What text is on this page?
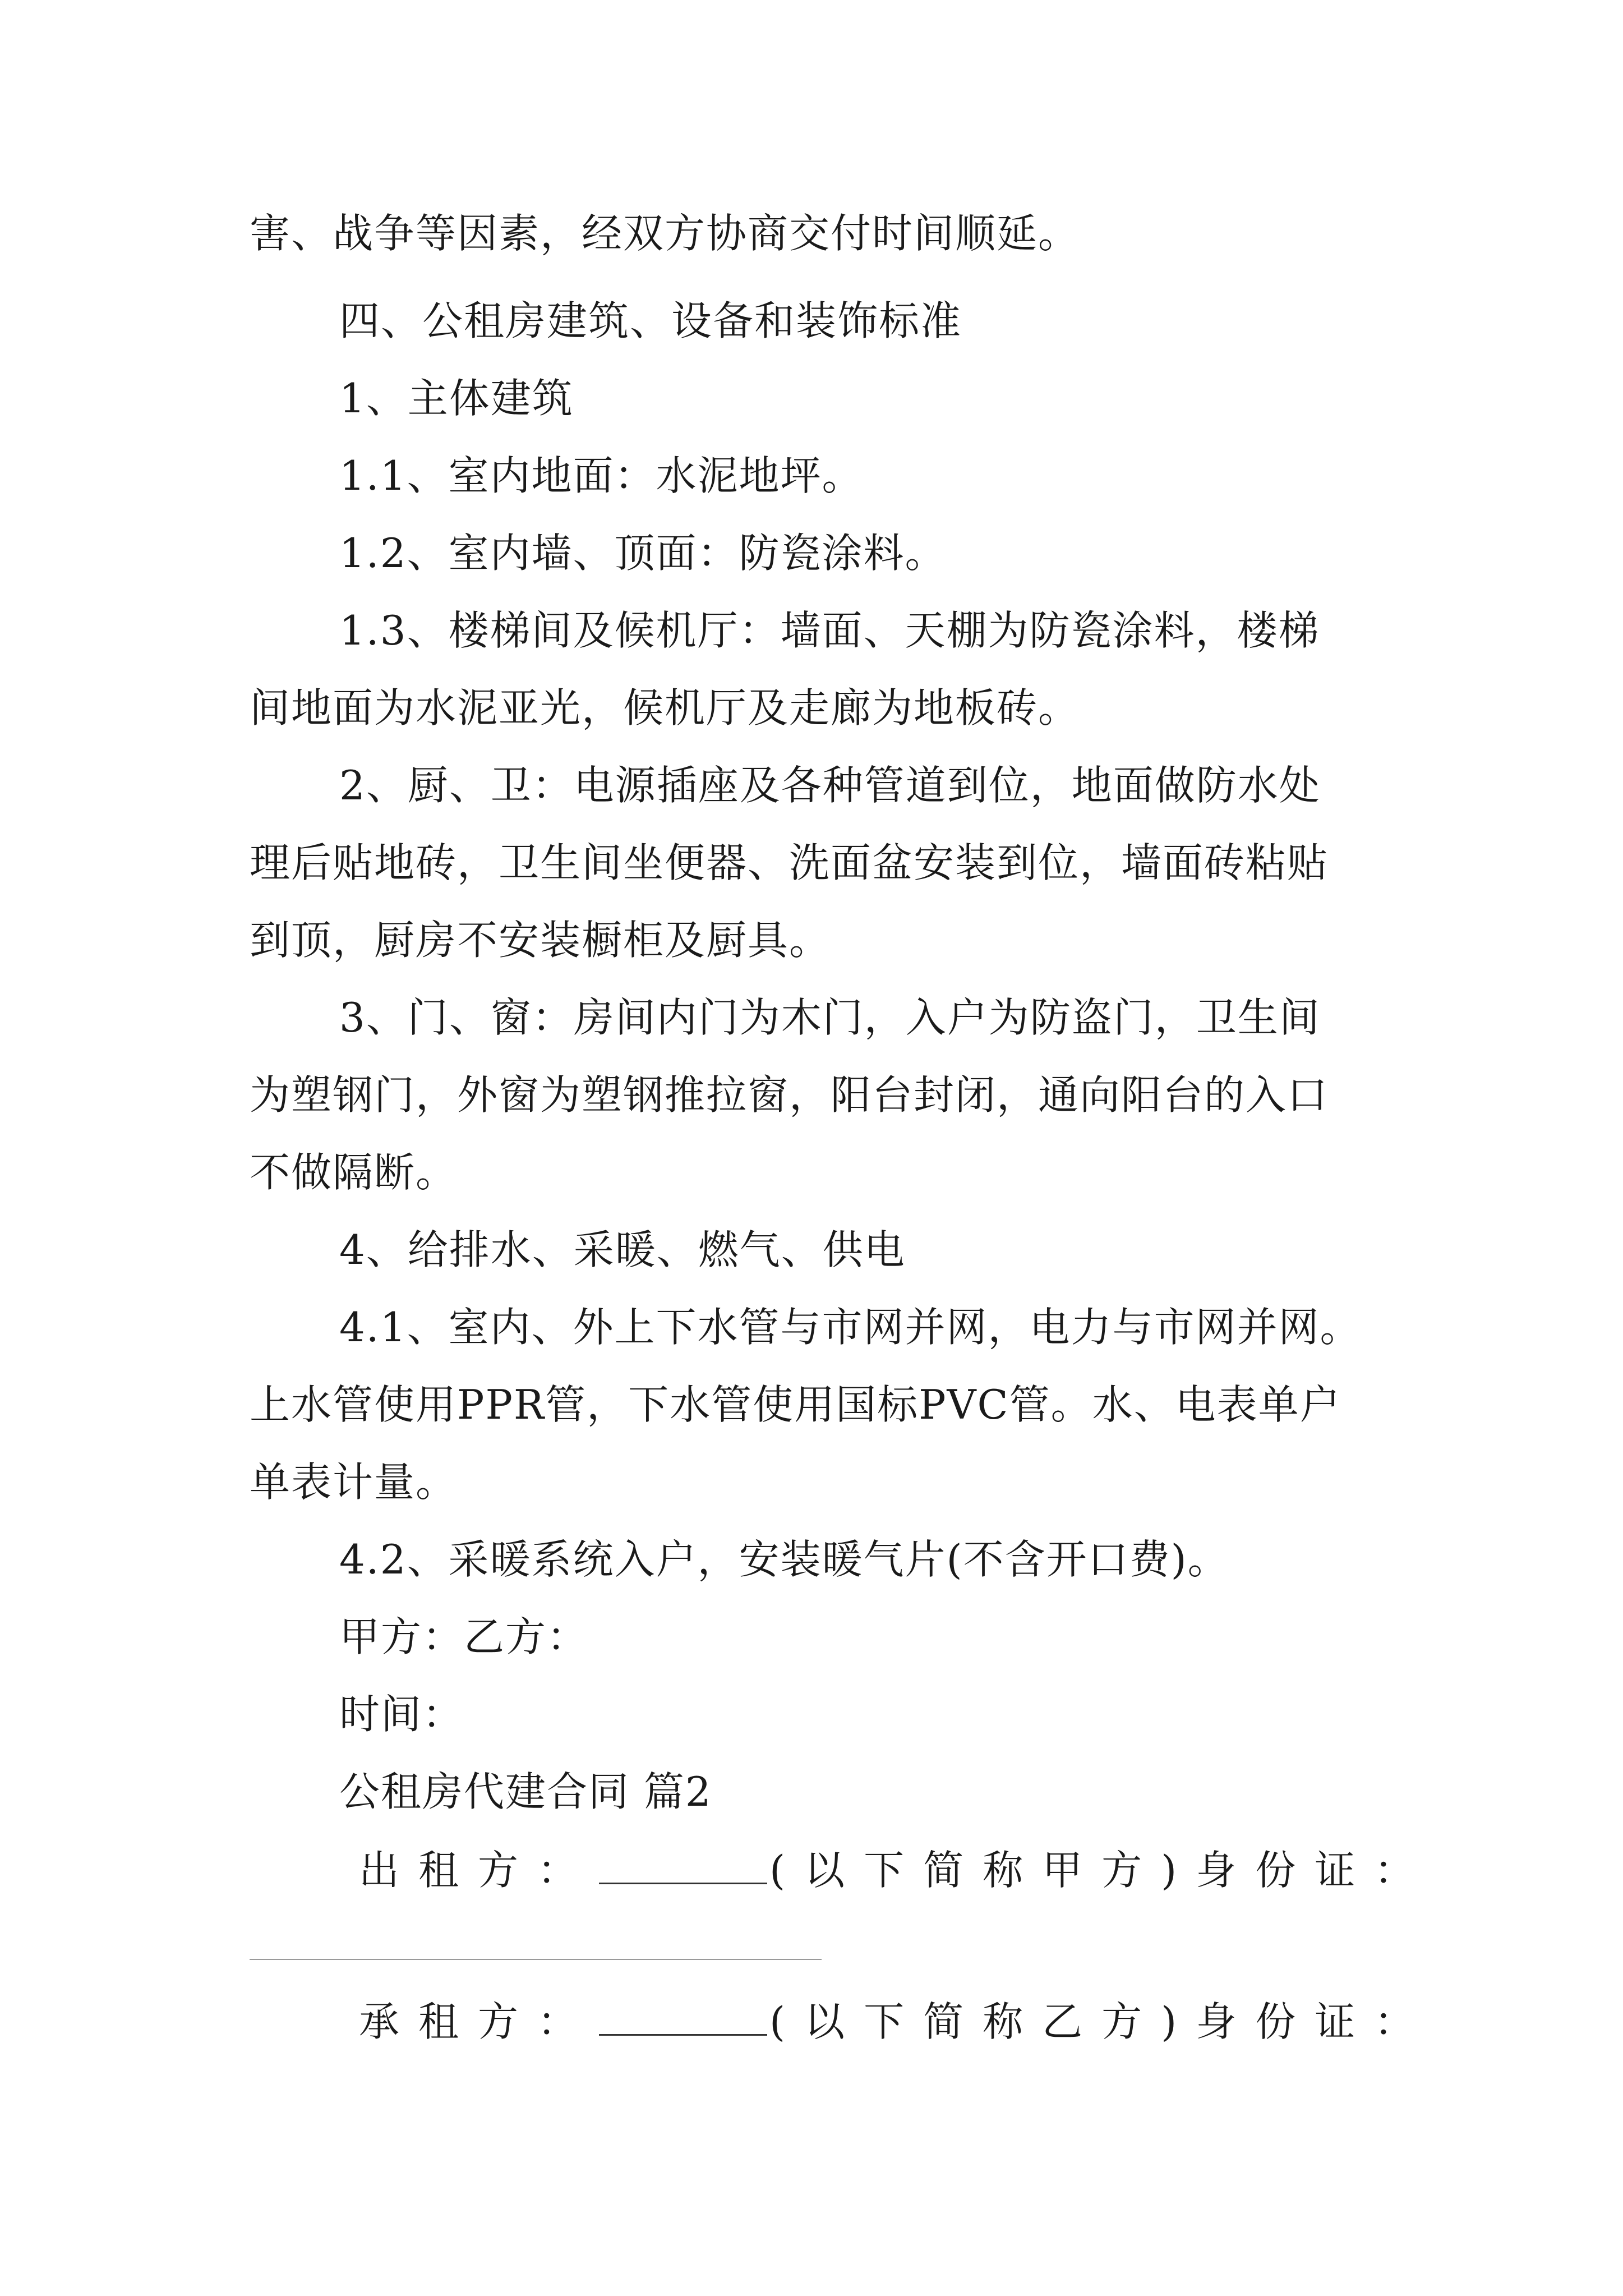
害、战争等因素，经双方协商交付时间顺延。
四、公租房建筑、设备和装饰标准
1、主体建筑
1.1、室内地面：水泥地坪。
1.2、室内墙、顶面：防瓷涂料。
1.3、楼梯间及候机厅：墙面、天棚为防瓷涂料，楼梯
间地面为水泥亚光，候机厅及走廊为地板砖。
2、厨、卫：电源插座及各种管道到位，地面做防水处
理后贴地砖，卫生间坐便器、洗面盆安装到位，墙面砖粘贴
到顶，厨房不安装橱柜及厨具。
3、门、窗：房间内门为木门，入户为防盗门，卫生间
为塑钢门，外窗为塑钢推拉窗，阳台封闭，通向阳台的入口
不做隔断。
4、给排水、采暖、燃气、供电
4.1、室内、外上下水管与市网并网，电力与市网并网。
上水管使用PPR管，下水管使用国标PVC管。水、电表单户
单表计量。
4.2、采暖系统入户，安装暖气片(不含开口费)。
甲方：乙方：
时间：
公租房代建合同 篇2
出租方：	(以下简称甲方)身份证：
承租方：	(以下简称乙方)身份证：
